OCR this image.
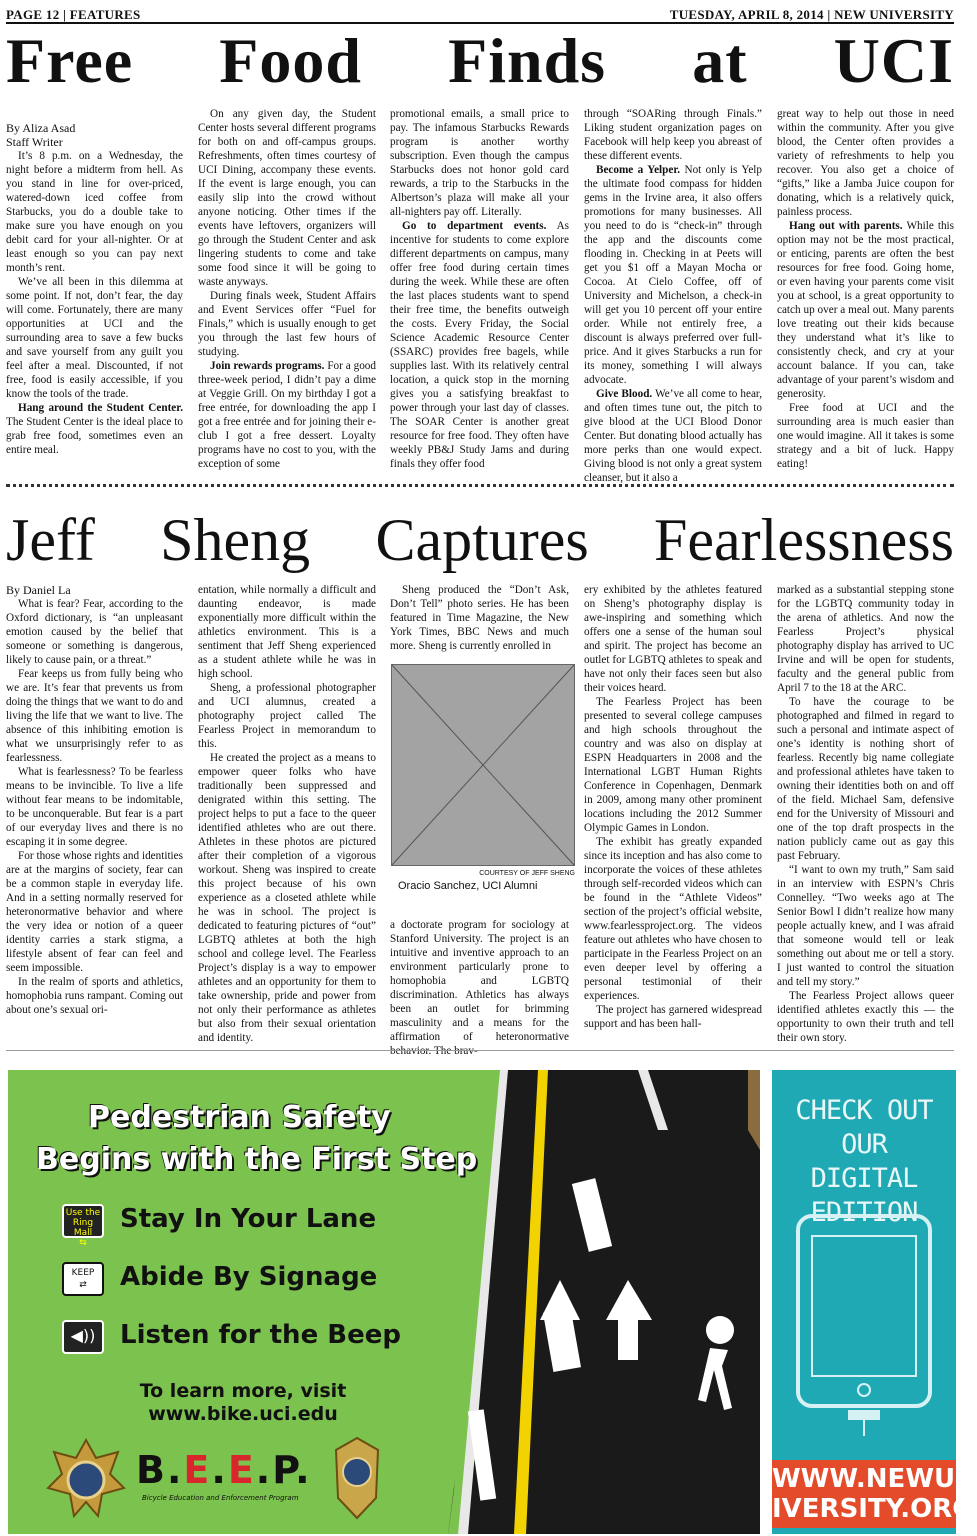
PAGE 12 | FEATURES	TUESDAY, APRIL 8, 2014 | NEW UNIVERSITY
Free Food Finds at UCI

By Aliza Asad
Staff Writer

It’s 8 p.m. on a Wednesday, the night before a midterm from hell. As you stand in line for over-priced, watered-down iced coffee from Starbucks, you do a double take to make sure you have enough on you debit card for your all-nighter. Or at least enough so you can pay next month’s rent.

We’ve all been in this dilemma at some point. If not, don’t fear, the day will come. Fortunately, there are many opportunities at UCI and the surrounding area to save a few bucks and save yourself from any guilt you feel after a meal. Discounted, if not free, food is easily accessible, if you know the tools of the trade.

Hang around the Student Center. The Student Center is the ideal place to grab free food, sometimes even an entire meal.

On any given day, the Student Center hosts several different programs for both on and off-campus groups. Refreshments, often times courtesy of UCI Dining, accompany these events. If the event is large enough, you can easily slip into the crowd without anyone noticing. Other times if the events have leftovers, organizers will go through the Student Center and ask lingering students to come and take some food since it will be going to waste anyways.

During finals week, Student Affairs and Event Services offer “Fuel for Finals,” which is usually enough to get you through the last few hours of studying.

Join rewards programs. For a good three-week period, I didn’t pay a dime at Veggie Grill. On my birthday I got a free entrée, for downloading the app I got a free entrée and for joining their e-club I got a free dessert. Loyalty programs have no cost to you, with the exception of some

promotional emails, a small price to pay. The infamous Starbucks Rewards program is another worthy subscription. Even though the campus Starbucks does not honor gold card rewards, a trip to the Starbucks in the Albertson’s plaza will make all your all-nighters pay off. Literally.

Go to department events. As incentive for students to come explore different departments on campus, many offer free food during certain times during the week. While these are often the last places students want to spend their free time, the benefits outweigh the costs. Every Friday, the Social Science Academic Resource Center (SSARC) provides free bagels, while supplies last. With its relatively central location, a quick stop in the morning gives you a satisfying breakfast to power through your last day of classes. The SOAR Center is another great resource for free food. They often have weekly PB&J Study Jams and during finals they offer food

through “SOARing through Finals.” Liking student organization pages on Facebook will help keep you abreast of these different events.

Become a Yelper. Not only is Yelp the ultimate food compass for hidden gems in the Irvine area, it also offers promotions for many businesses. All you need to do is “check-in” through the app and the discounts come flooding in. Checking in at Peets will get you $1 off a Mayan Mocha or Cocoa. At Cielo Coffee, off of University and Michelson, a check-in will get you 10 percent off your entire order. While not entirely free, a discount is always preferred over full-price. And it gives Starbucks a run for its money, something I will always advocate.

Give Blood. We’ve all come to hear, and often times tune out, the pitch to give blood at the UCI Blood Donor Center. But donating blood actually has more perks than one would expect. Giving blood is not only a great system cleanser, but it also a

great way to help out those in need within the community. After you give blood, the Center often provides a variety of refreshments to help you recover. You also get a choice of “gifts,” like a Jamba Juice coupon for donating, which is a relatively quick, painless process.

Hang out with parents. While this option may not be the most practical, or enticing, parents are often the best resources for free food. Going home, or even having your parents come visit you at school, is a great opportunity to catch up over a meal out. Many parents love treating out their kids because they understand what it’s like to consistently check, and cry at your account balance. If you can, take advantage of your parent’s wisdom and generosity.

Free food at UCI and the surrounding area is much easier than one would imagine. All it takes is some strategy and a bit of luck. Happy eating!

Jeff Sheng Captures Fearlessness

By Daniel La

What is fear? Fear, according to the Oxford dictionary, is “an unpleasant emotion caused by the belief that someone or something is dangerous, likely to cause pain, or a threat.”

Fear keeps us from fully being who we are. It’s fear that prevents us from doing the things that we want to do and living the life that we want to live. The absence of this inhibiting emotion is what we unsurprisingly refer to as fearlessness.

What is fearlessness? To be fearless means to be invincible. To live a life without fear means to be indomitable, to be unconquerable. But fear is a part of our everyday lives and there is no escaping it in some degree.

For those whose rights and identities are at the margins of society, fear can be a common staple in everyday life. And in a setting normally reserved for heteronormative behavior and where the very idea or notion of a queer identity carries a stark stigma, a lifestyle absent of fear can feel and seem impossible.

In the realm of sports and athletics, homophobia runs rampant. Coming out about one’s sexual ori-

entation, while normally a difficult and daunting endeavor, is made exponentially more difficult within the athletics environment. This is a sentiment that Jeff Sheng experienced as a student athlete while he was in high school.

Sheng, a professional photographer and UCI alumnus, created a photography project called The Fearless Project in memorandum to this.

He created the project as a means to empower queer folks who have traditionally been suppressed and denigrated within this setting. The project helps to put a face to the queer identified athletes who are out there. Athletes in these photos are pictured after their completion of a vigorous workout. Sheng was inspired to create this project because of his own experience as a closeted athlete while he was in school. The project is dedicated to featuring pictures of “out” LGBTQ athletes at both the high school and college level. The Fearless Project’s display is a way to empower athletes and an opportunity for them to take ownership, pride and power from not only their performance as athletes but also from their sexual orientation and identity.

Sheng produced the “Don’t Ask, Don’t Tell” photo series. He has been featured in Time Magazine, the New York Times, BBC News and much more. Sheng is currently enrolled in

COURTESY OF JEFF SHENG
Oracio Sanchez, UCI Alumni

a doctorate program for sociology at Stanford University. The project is an intuitive and inventive approach to an environment particularly prone to homophobia and LGBTQ discrimination. Athletics has always been an outlet for brimming masculinity and a means for the affirmation of heteronormative behavior. The brav-

ery exhibited by the athletes featured on Sheng’s photography display is awe-inspiring and something which offers one a sense of the human soul and spirit. The project has become an outlet for LGBTQ athletes to speak and have not only their faces seen but also their voices heard.

The Fearless Project has been presented to several college campuses and high schools throughout the country and was also on display at ESPN Headquarters in 2008 and the International LGBT Human Rights Conference in Copenhagen, Denmark in 2009, among many other prominent locations including the 2012 Summer Olympic Games in London.

The exhibit has greatly expanded since its inception and has also come to incorporate the voices of these athletes through self-recorded videos which can be found in the “Athlete Videos” section of the project’s official website, www.fearlessproject.org. The videos feature out athletes who have chosen to participate in the Fearless Project on an even deeper level by offering a personal testimonial of their experiences.

The project has garnered widespread support and has been hall-

marked as a substantial stepping stone for the LGBTQ community today in the arena of athletics. And now the Fearless Project’s physical photography display has arrived to UC Irvine and will be open for students, faculty and the general public from April 7 to the 18 at the ARC.

To have the courage to be photographed and filmed in regard to such a personal and intimate aspect of one’s identity is nothing short of fearless. Recently big name collegiate and professional athletes have taken to owning their identities both on and off of the field. Michael Sam, defensive end for the University of Missouri and one of the top draft prospects in the nation publicly came out as gay this past February.

“I want to own my truth,” Sam said in an interview with ESPN’s Chris Connelley. “Two weeks ago at The Senior Bowl I didn’t realize how many people actually knew, and I was afraid that someone would tell or leak something out about me or tell a story. I just wanted to control the situation and tell my story.”

The Fearless Project allows queer identified athletes exactly this — the opportunity to own their truth and tell their own story.

Pedestrian Safety
Begins with the First Step
Use the Ring Mall
⇆
Stay In Your Lane
KEEP
⇄	Abide By Signage
◀)) Listen for the Beep
To learn more, visit
www.bike.uci.edu
B.E.E.P.
Bicycle Education and Enforcement Program
CHECK OUT OUR
DIGITAL EDITION
WWW.NEWUN
IVERSITY.ORG
